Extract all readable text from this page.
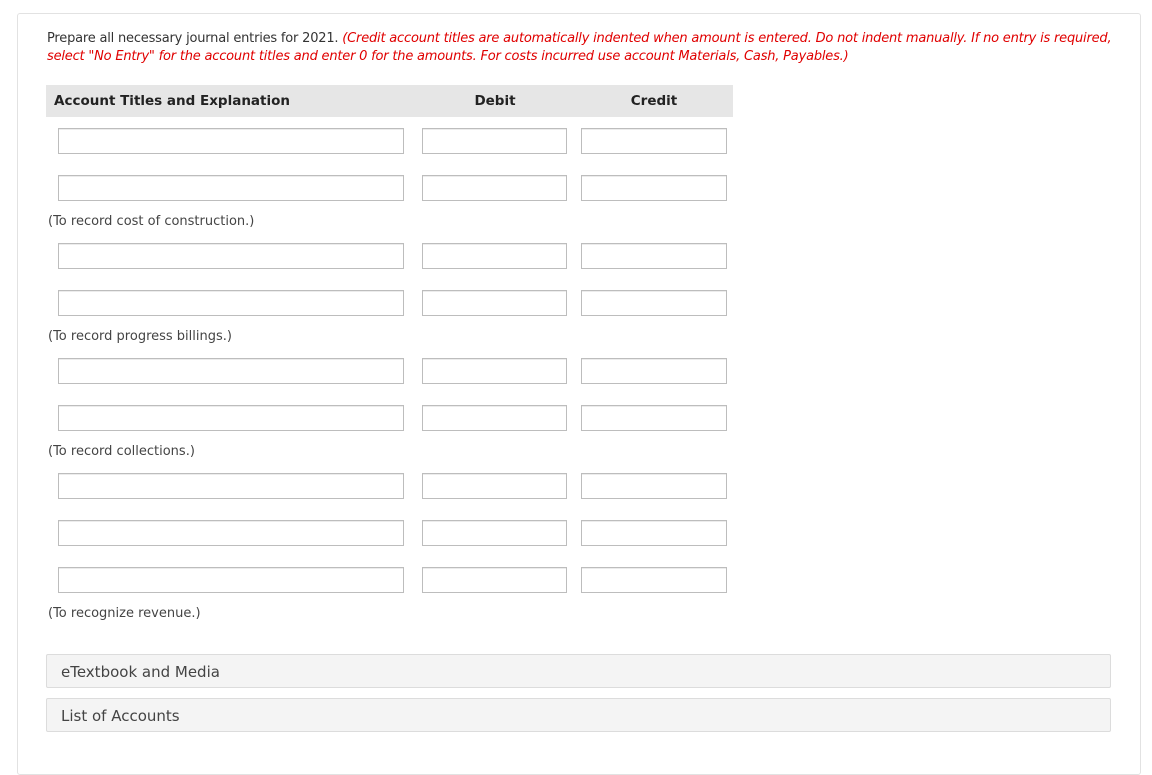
Prepare all necessary journal entries for 2021. (Credit account titles are automatically indented when amount is entered. Do not indent manually. If no entry is required, select "No Entry" for the account titles and enter 0 for the amounts. For costs incurred use account Materials, Cash, Payables.)
Account Titles and Explanation	Debit	Credit
(To record cost of construction.)
(To record progress billings.)
(To record collections.)
(To recognize revenue.)
eTextbook and Media
List of Accounts
